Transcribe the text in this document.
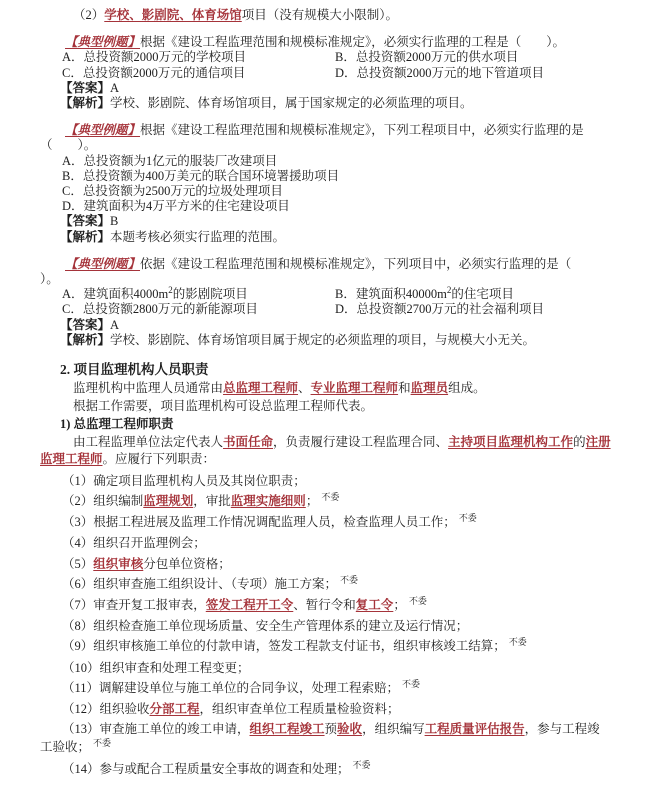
（2）学校、影剧院、体育场馆项目（没有规模大小限制）。
【典型例题】根据《建设工程监理范围和规模标准规定》，必须实行监理的工程是（　　）。
A．总投资额2000万元的学校项目	B．总投资额2000万元的供水项目
C．总投资额2000万元的通信项目	D．总投资额2000万元的地下管道项目
【答案】A
【解析】学校、影剧院、体育场馆项目，属于国家规定的必须监理的项目。
【典型例题】根据《建设工程监理范围和规模标准规定》，下列工程项目中，必须实行监理的是
（　　）。
A．总投资额为1亿元的服装厂改建项目
B．总投资额为400万美元的联合国环境署援助项目
C．总投资额为2500万元的垃圾处理项目
D．建筑面积为4万平方米的住宅建设项目
【答案】B
【解析】本题考核必须实行监理的范围。
【典型例题】依据《建设工程监理范围和规模标准规定》，下列项目中，必须实行监理的是（
）。
A．建筑面积$4000m^2$的影剧院项目	B．建筑面积$40000m^2$的住宅项目
C．总投资额2800万元的新能源项目	D．总投资额2700万元的社会福利项目
【答案】A
【解析】学校、影剧院、体育场馆项目属于规定的必须监理的项目，与规模大小无关。
2. 项目监理机构人员职责
监理机构中监理人员通常由总监理工程师、专业监理工程师和监理员组成。
根据工作需要，项目监理机构可设总监理工程师代表。
1) 总监理工程师职责
由工程监理单位法定代表人书面任命，负责履行建设工程监理合同、主持项目监理机构工作的注册
监理工程师。应履行下列职责：
（1）确定项目监理机构人员及其岗位职责；
（2）组织编制监理规划，审批监理实施细则； $^{不委}$
（3）根据工程进展及监理工作情况调配监理人员，检查监理人员工作； $^{不委}$
（4）组织召开监理例会；
（5）组织审核分包单位资格；
（6）组织审查施工组织设计、（专项）施工方案； $^{不委}$
（7）审查开复工报审表，签发工程开工令、暂行令和复工令； $^{不委}$
（8）组织检查施工单位现场质量、安全生产管理体系的建立及运行情况；
（9）组织审核施工单位的付款申请，签发工程款支付证书，组织审核竣工结算； $^{不委}$
（10）组织审查和处理工程变更；
（11）调解建设单位与施工单位的合同争议，处理工程索赔； $^{不委}$
（12）组织验收分部工程，组织审查单位工程质量检验资料；
（13）审查施工单位的竣工申请，组织工程竣工预验收，组织编写工程质量评估报告，参与工程竣
工验收； $^{不委}$
（14）参与或配合工程质量安全事故的调查和处理； $^{不委}$
